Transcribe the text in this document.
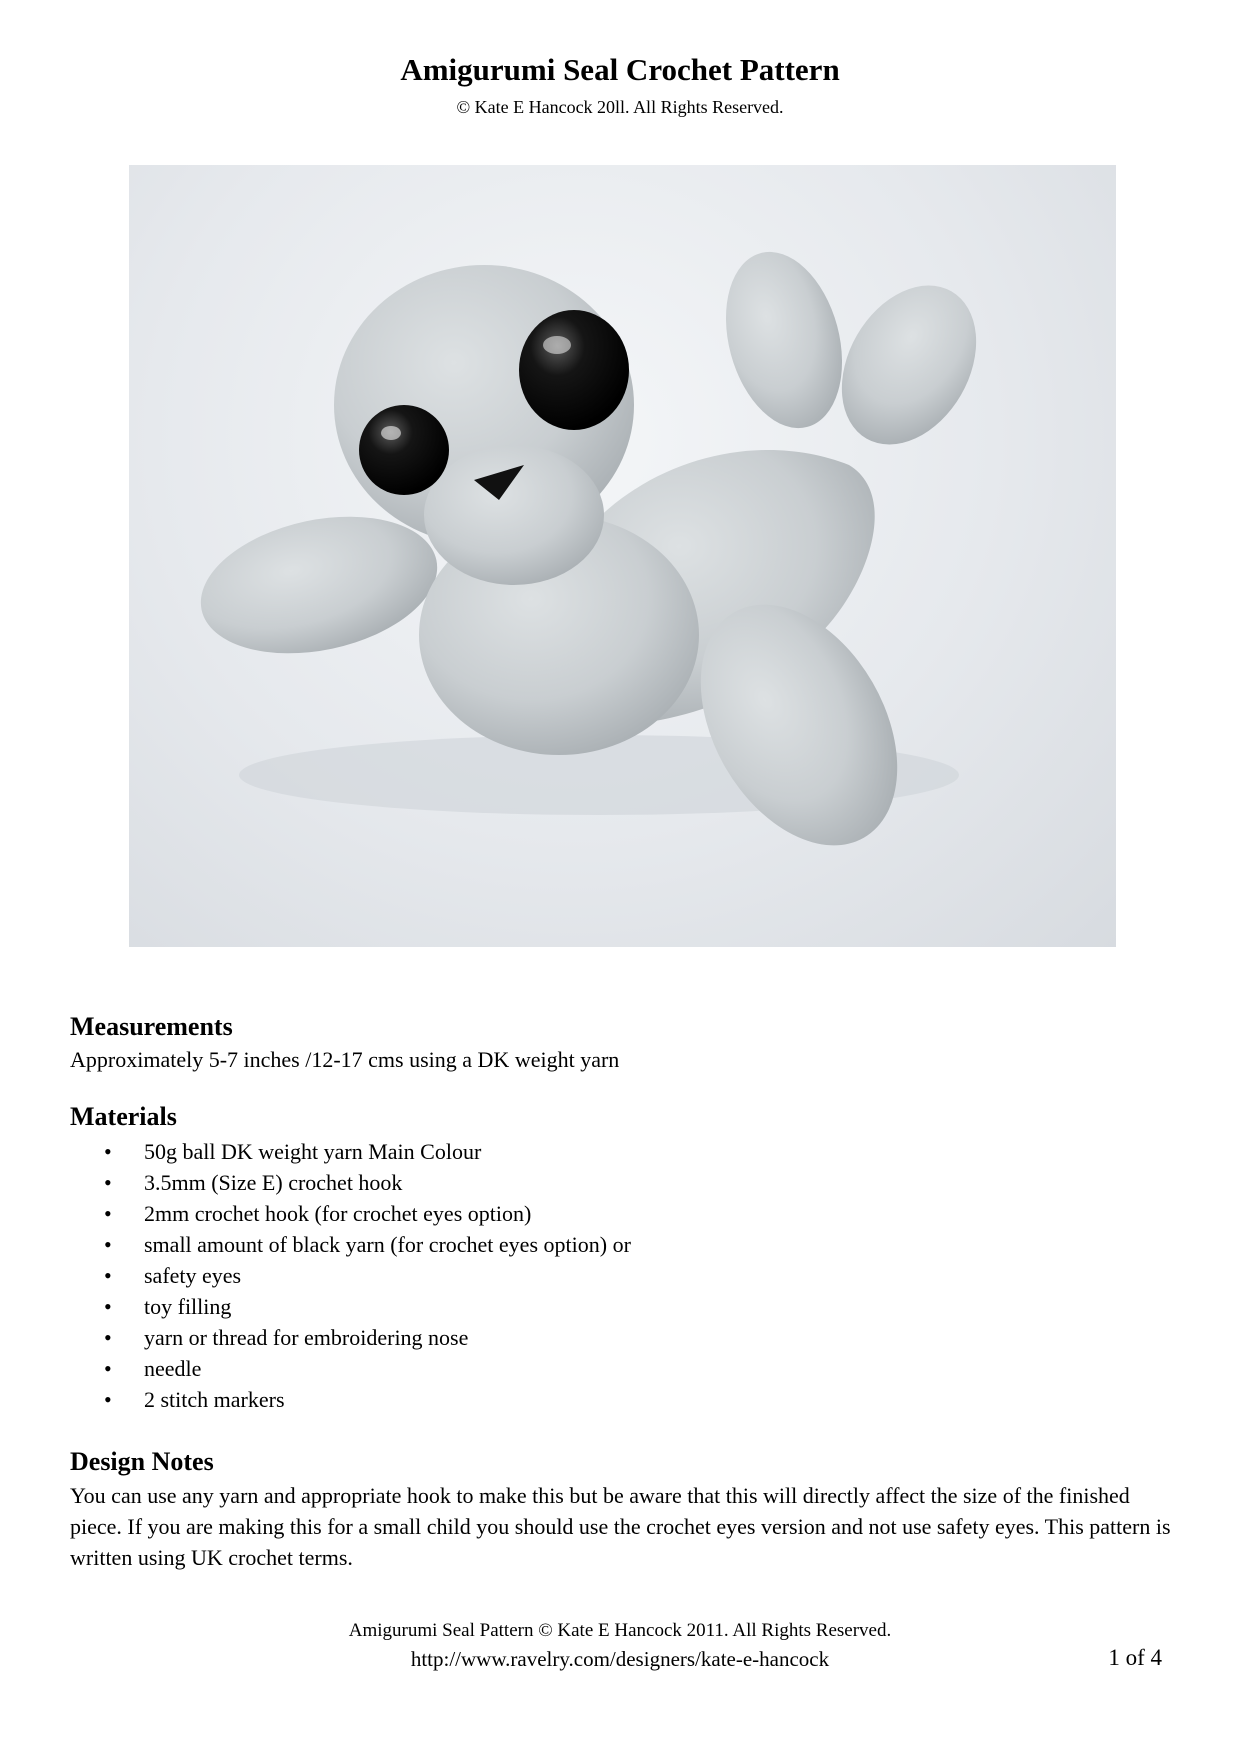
Amigurumi Seal Crochet Pattern
© Kate E Hancock 20ll. All Rights Reserved.
Measurements

Approximately 5-7 inches /12-17 cms using a DK weight yarn

Materials
• 50g ball DK weight yarn Main Colour
• 3.5mm (Size E) crochet hook
• 2mm crochet hook (for crochet eyes option)
• small amount of black yarn (for crochet eyes option) or
• safety eyes
• toy filling
• yarn or thread for embroidering nose
• needle
• 2 stitch markers
Design Notes

You can use any yarn and appropriate hook to make this but be aware that this will directly affect the size of the finished piece. If you are making this for a small child you should use the crochet eyes version and not use safety eyes. This pattern is written using UK crochet terms.

Amigurumi Seal Pattern © Kate E Hancock 2011. All Rights Reserved.
http://www.ravelry.com/designers/kate-e-hancock	1 of 4
